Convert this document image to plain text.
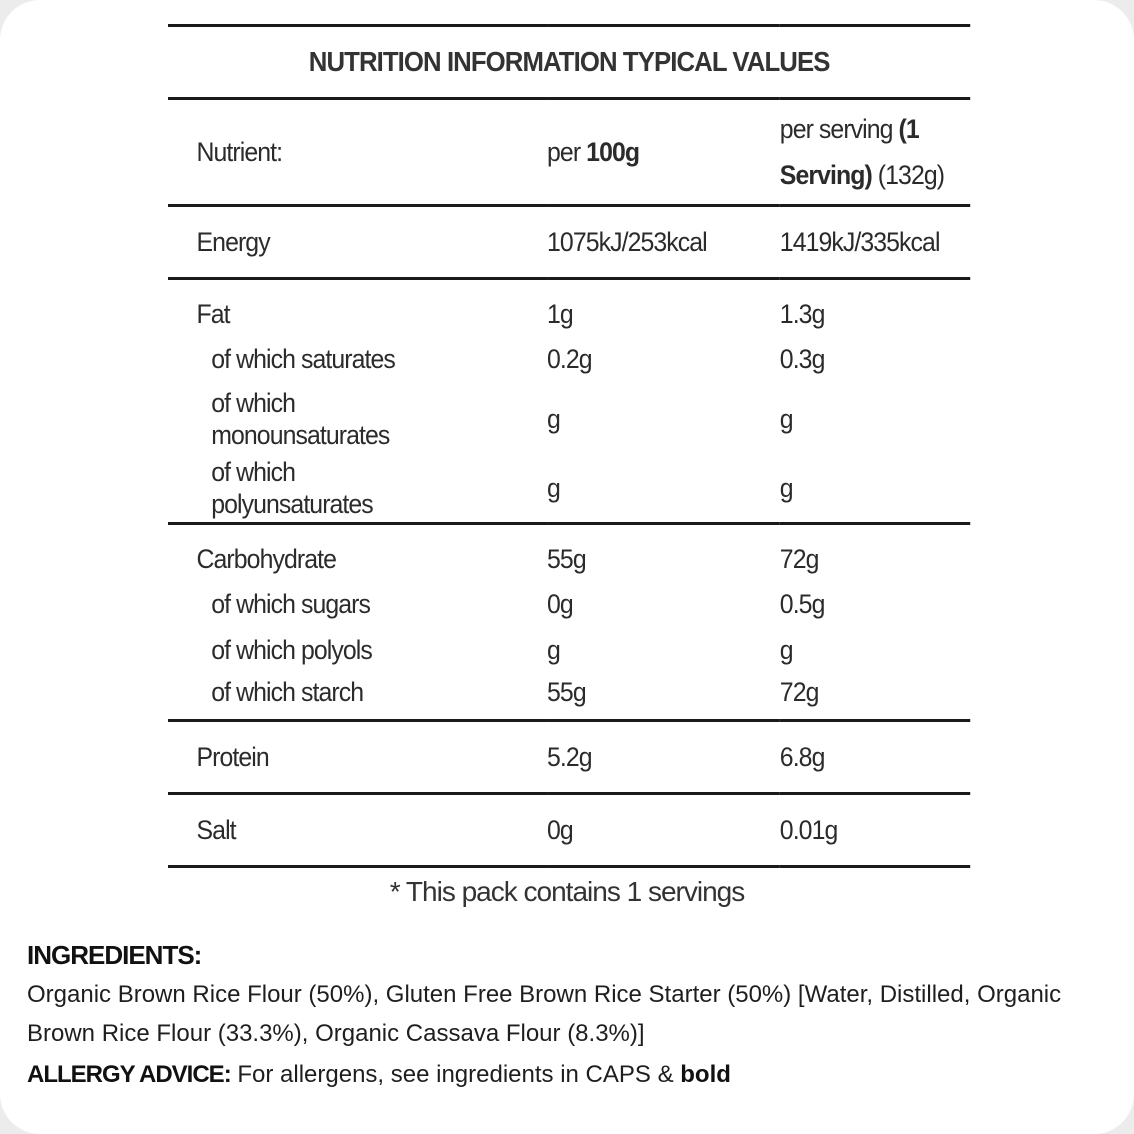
NUTRITION INFORMATION TYPICAL VALUES		
Nutrient:	per 100g	per serving (1
Serving) (132g)
Energy	1075kJ/253kcal	1419kJ/335kcal
Fat	1g	1.3g
of which saturates	0.2g	0.3g
of which
monounsaturates	g	g
of which
polyunsaturates	g	g
Carbohydrate	55g	72g
of which sugars	0g	0.5g
of which polyols	g	g
of which starch	55g	72g
Protein	5.2g	6.8g
Salt	0g	0.01g
* This pack contains 1 servings
INGREDIENTS:
Organic Brown Rice Flour (50%), Gluten Free Brown Rice Starter (50%) [Water, Distilled, Organic Brown Rice Flour (33.3%), Organic Cassava Flour (8.3%)]
ALLERGY ADVICE: For allergens, see ingredients in CAPS & bold
